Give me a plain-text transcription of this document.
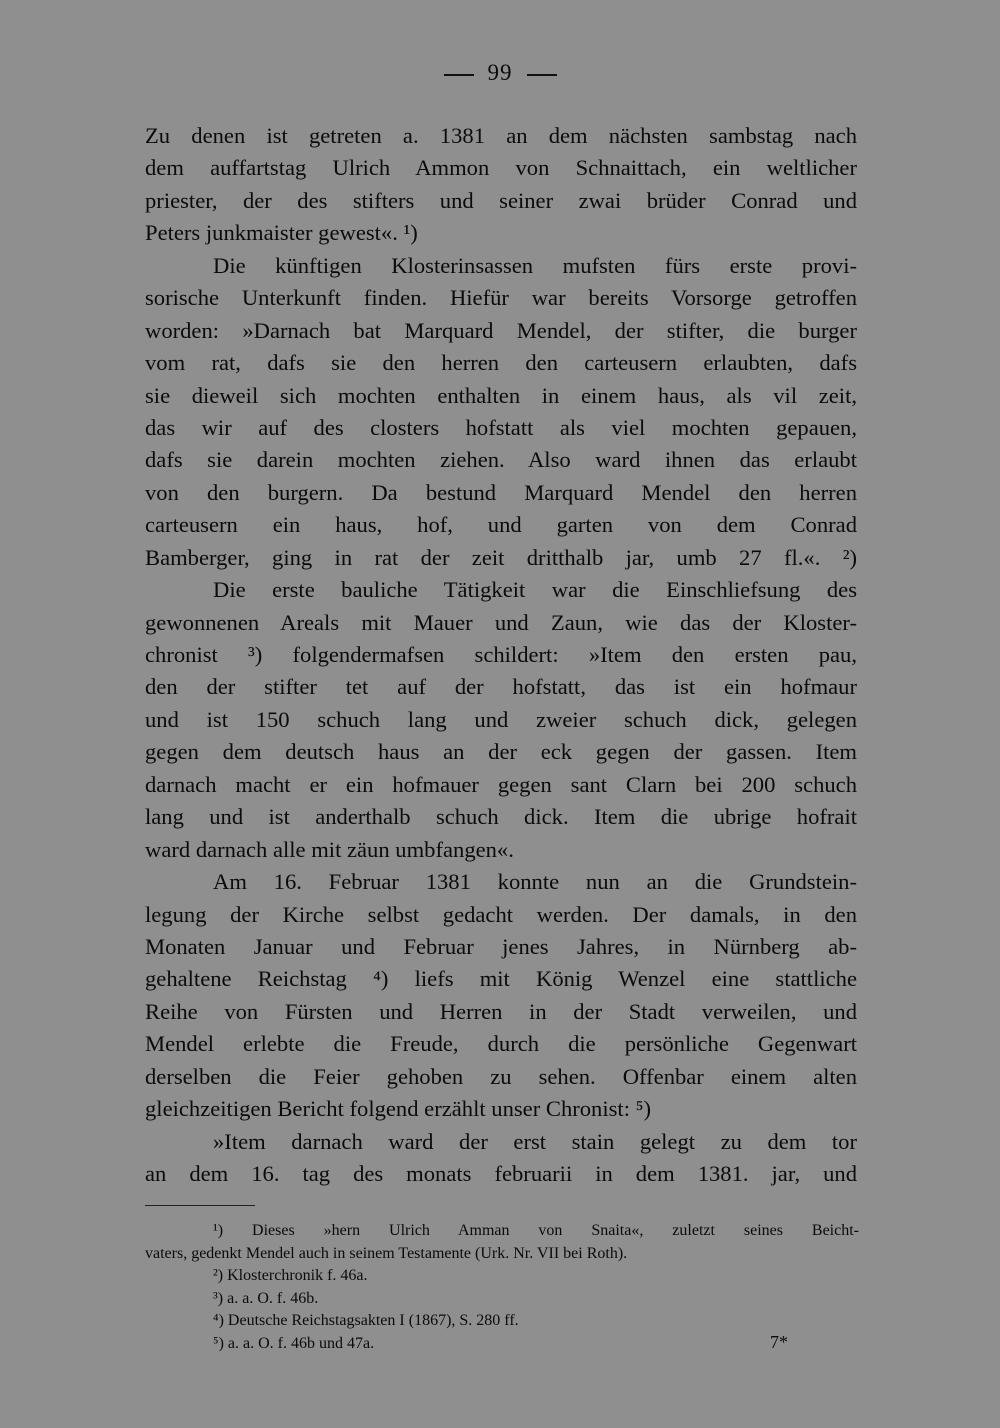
99
Zu denen ist getreten a. 1381 an dem nächsten sambstag nach
dem auffartstag Ulrich Ammon von Schnaittach, ein weltlicher
priester, der des stifters und seiner zwai brüder Conrad und
Peters junkmaister gewest«. ¹)
Die künftigen Klosterinsassen mufsten fürs erste provi-
sorische Unterkunft finden. Hiefür war bereits Vorsorge getroffen
worden: »Darnach bat Marquard Mendel, der stifter, die burger
vom rat, dafs sie den herren den carteusern erlaubten, dafs
sie dieweil sich mochten enthalten in einem haus, als vil zeit,
das wir auf des closters hofstatt als viel mochten gepauen,
dafs sie darein mochten ziehen. Also ward ihnen das erlaubt
von den burgern. Da bestund Marquard Mendel den herren
carteusern ein haus, hof, und garten von dem Conrad
Bamberger, ging in rat der zeit dritthalb jar, umb 27 fl.«. ²)
Die erste bauliche Tätigkeit war die Einschliefsung des
gewonnenen Areals mit Mauer und Zaun, wie das der Kloster-
chronist ³) folgendermafsen schildert: »Item den ersten pau,
den der stifter tet auf der hofstatt, das ist ein hofmaur
und ist 150 schuch lang und zweier schuch dick, gelegen
gegen dem deutsch haus an der eck gegen der gassen. Item
darnach macht er ein hofmauer gegen sant Clarn bei 200 schuch
lang und ist anderthalb schuch dick. Item die ubrige hofrait
ward darnach alle mit zäun umbfangen«.
Am 16. Februar 1381 konnte nun an die Grundstein-
legung der Kirche selbst gedacht werden. Der damals, in den
Monaten Januar und Februar jenes Jahres, in Nürnberg ab-
gehaltene Reichstag ⁴) liefs mit König Wenzel eine stattliche
Reihe von Fürsten und Herren in der Stadt verweilen, und
Mendel erlebte die Freude, durch die persönliche Gegenwart
derselben die Feier gehoben zu sehen. Offenbar einem alten
gleichzeitigen Bericht folgend erzählt unser Chronist: ⁵)
»Item darnach ward der erst stain gelegt zu dem tor
an dem 16. tag des monats februarii in dem 1381. jar, und
¹) Dieses »hern Ulrich Amman von Snaita«, zuletzt seines Beicht-
vaters, gedenkt Mendel auch in seinem Testamente (Urk. Nr. VII bei Roth).
²) Klosterchronik f. 46a.
³) a. a. O. f. 46b.
⁴) Deutsche Reichstagsakten I (1867), S. 280 ff.
⁵) a. a. O. f. 46b und 47a.	7*
